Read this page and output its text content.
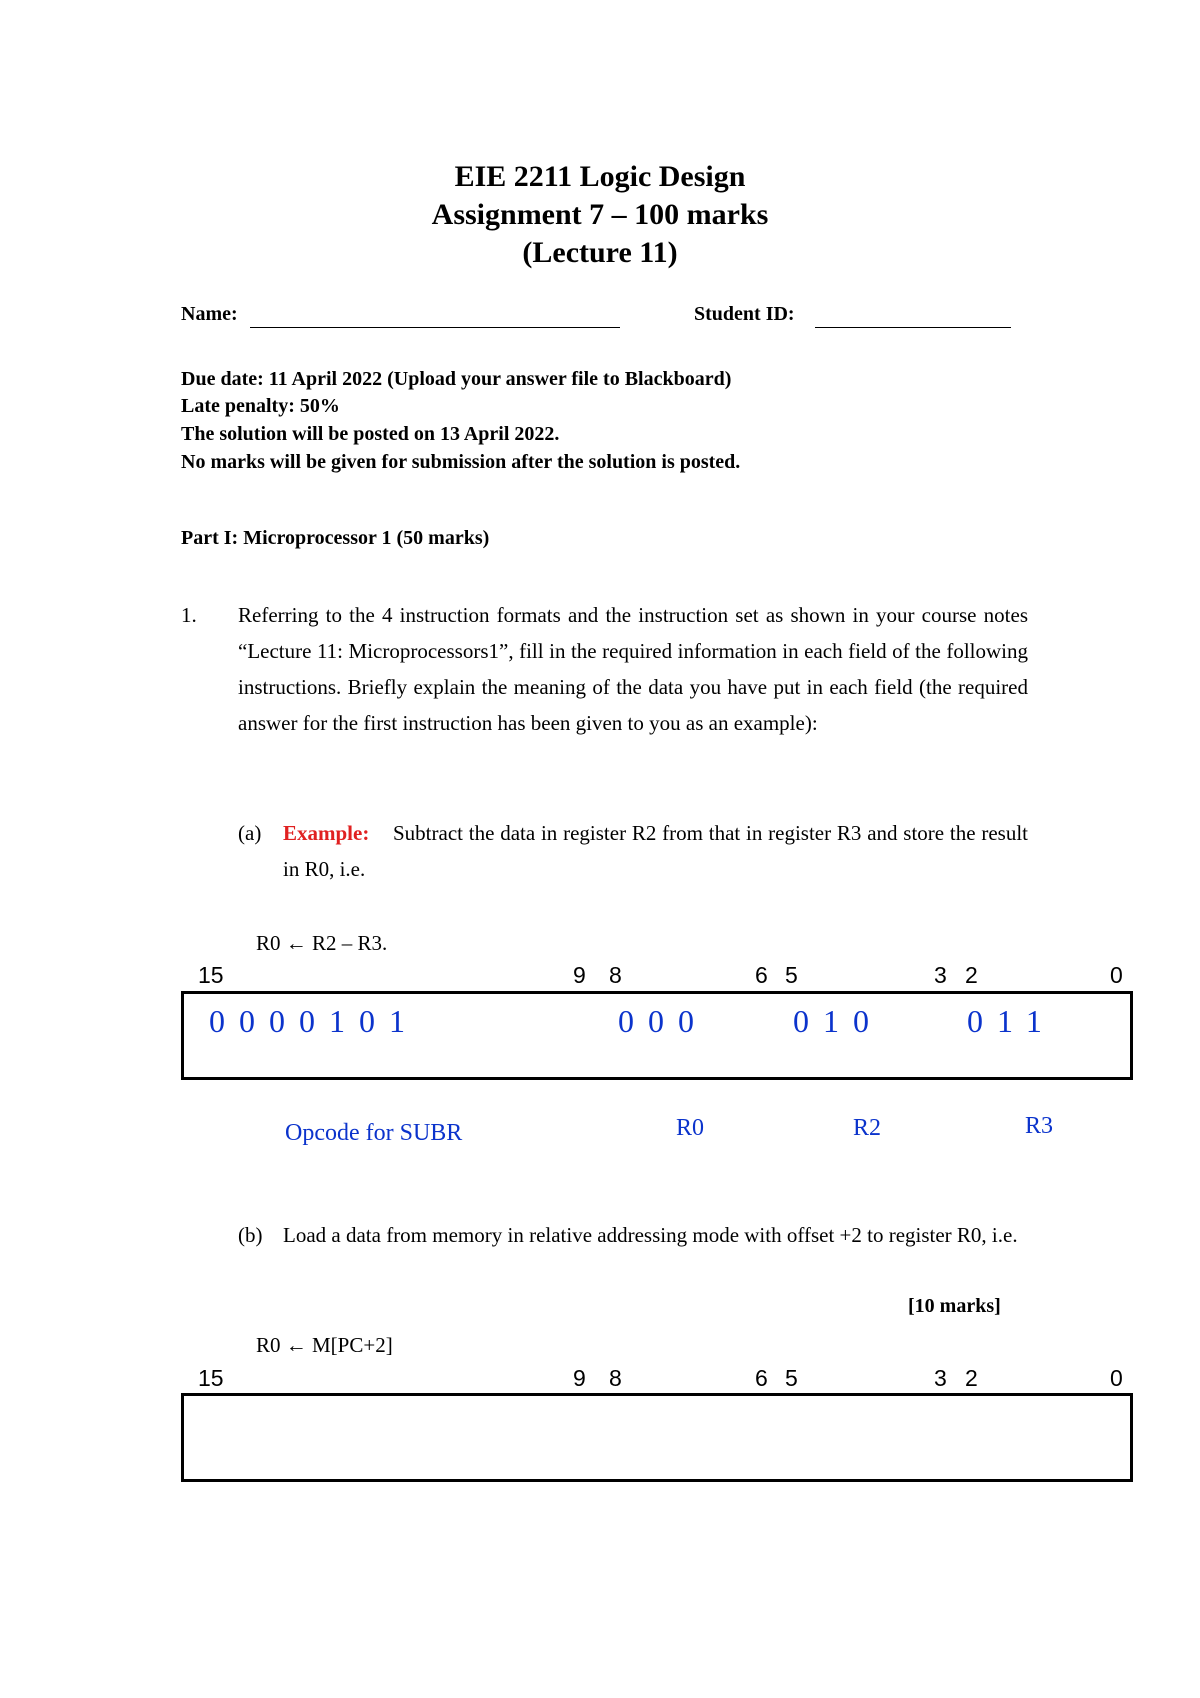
EIE 2211 Logic Design
Assignment 7 – 100 marks
(Lecture 11)
Name:	Student ID:
Due date: 11 April 2022 (Upload your answer file to Blackboard)
Late penalty: 50%
The solution will be posted on 13 April 2022.
No marks will be given for submission after the solution is posted.
Part I: Microprocessor 1 (50 marks)
1. Referring to the 4 instruction formats and the instruction set as shown in your course notes “Lecture 11: Microprocessors1”, fill in the required information in each field of the following instructions. Briefly explain the meaning of the data you have put in each field (the required answer for the first instruction has been given to you as an example):
(a)	Subtract the data in register R2 from that in register R3 and store the result in R0, i.e.
Example:
R0 ← R2 – R3.
15	9 8	6 5	3 2	0
0000101	000	010	011
Opcode for SUBR	R0	R2	R3
(b) Load a data from memory in relative addressing mode with offset +2 to register R0, i.e.
[10 marks]
R0 ← M[PC+2]
15	9 8	6 5	3 2	0
